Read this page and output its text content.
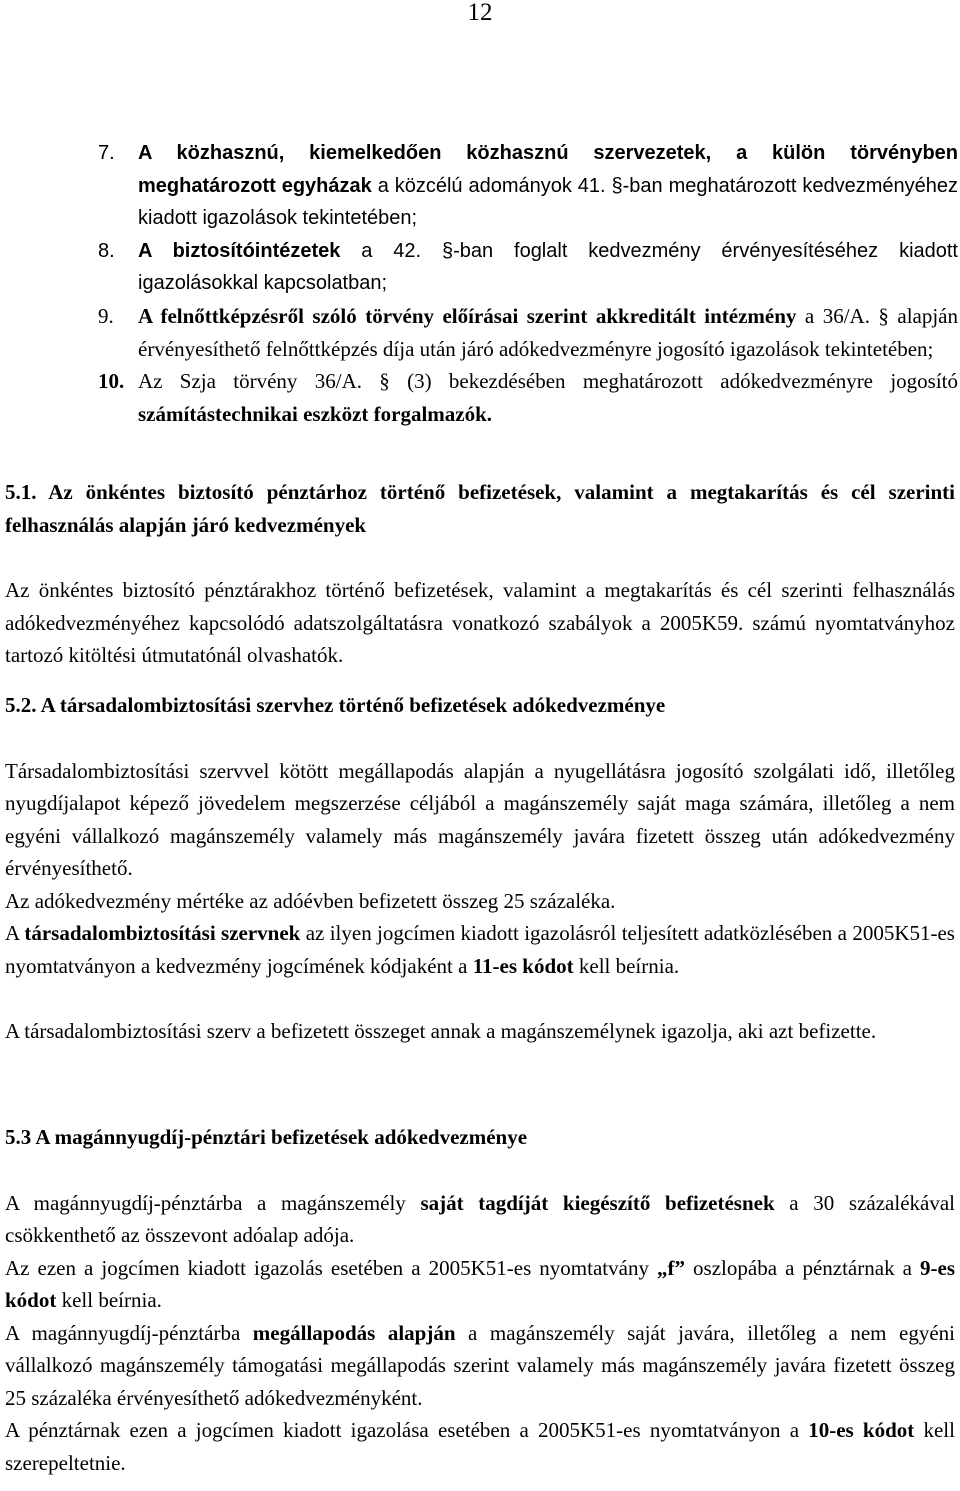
12
7.	A közhasznú, kiemelkedően közhasznú szervezetek, a külön törvényben meghatározott egyházak a közcélú adományok 41. §-ban meghatározott kedvezményéhez kiadott igazolások tekintetében;
8.	A biztosítóintézetek a 42. §-ban foglalt kedvezmény érvényesítéséhez kiadott igazolásokkal kapcsolatban;
9.	A felnőttképzésről szóló törvény előírásai szerint akkreditált intézmény a 36/A. § alapján érvényesíthető felnőttképzés díja után járó adókedvezményre jogosító igazolások tekintetében;
10. Az Szja törvény 36/A. § (3) bekezdésében meghatározott adókedvezményre jogosító számítástechnikai eszközt forgalmazók.

5.1. Az önkéntes biztosító pénztárhoz történő befizetések, valamint a megtakarítás és cél szerinti felhasználás alapján járó kedvezmények

Az önkéntes biztosító pénztárakhoz történő befizetések, valamint a megtakarítás és cél szerinti felhasználás adókedvezményéhez kapcsolódó adatszolgáltatásra vonatkozó szabályok a 2005K59. számú nyomtatványhoz tartozó kitöltési útmutatónál olvashatók.

5.2. A társadalombiztosítási szervhez történő befizetések adókedvezménye

Társadalombiztosítási szervvel kötött megállapodás alapján a nyugellátásra jogosító szolgálati idő, illetőleg nyugdíjalapot képező jövedelem megszerzése céljából a magánszemély saját maga számára, illetőleg a nem egyéni vállalkozó magánszemély valamely más magánszemély javára fizetett összeg után adókedvezmény érvényesíthető.

Az adókedvezmény mértéke az adóévben befizetett összeg 25 százaléka.

A társadalombiztosítási szervnek az ilyen jogcímen kiadott igazolásról teljesített adatközlésében a 2005K51-es nyomtatványon a kedvezmény jogcímének kódjaként a 11-es kódot kell beírnia.

A társadalombiztosítási szerv a befizetett összeget annak a magánszemélynek igazolja, aki azt befizette.

5.3 A magánnyugdíj-pénztári befizetések adókedvezménye

A magánnyugdíj-pénztárba a magánszemély saját tagdíját kiegészítő befizetésnek a 30 százalékával csökkenthető az összevont adóalap adója.

Az ezen a jogcímen kiadott igazolás esetében a 2005K51-es nyomtatvány „f” oszlopába a pénztárnak a 9-es kódot kell beírnia.

A magánnyugdíj-pénztárba megállapodás alapján a magánszemély saját javára, illetőleg a nem egyéni vállalkozó magánszemély támogatási megállapodás szerint valamely más magánszemély javára fizetett összeg 25 százaléka érvényesíthető adókedvezményként.

A pénztárnak ezen a jogcímen kiadott igazolása esetében a 2005K51-es nyomtatványon a 10-es kódot kell szerepeltetnie.
